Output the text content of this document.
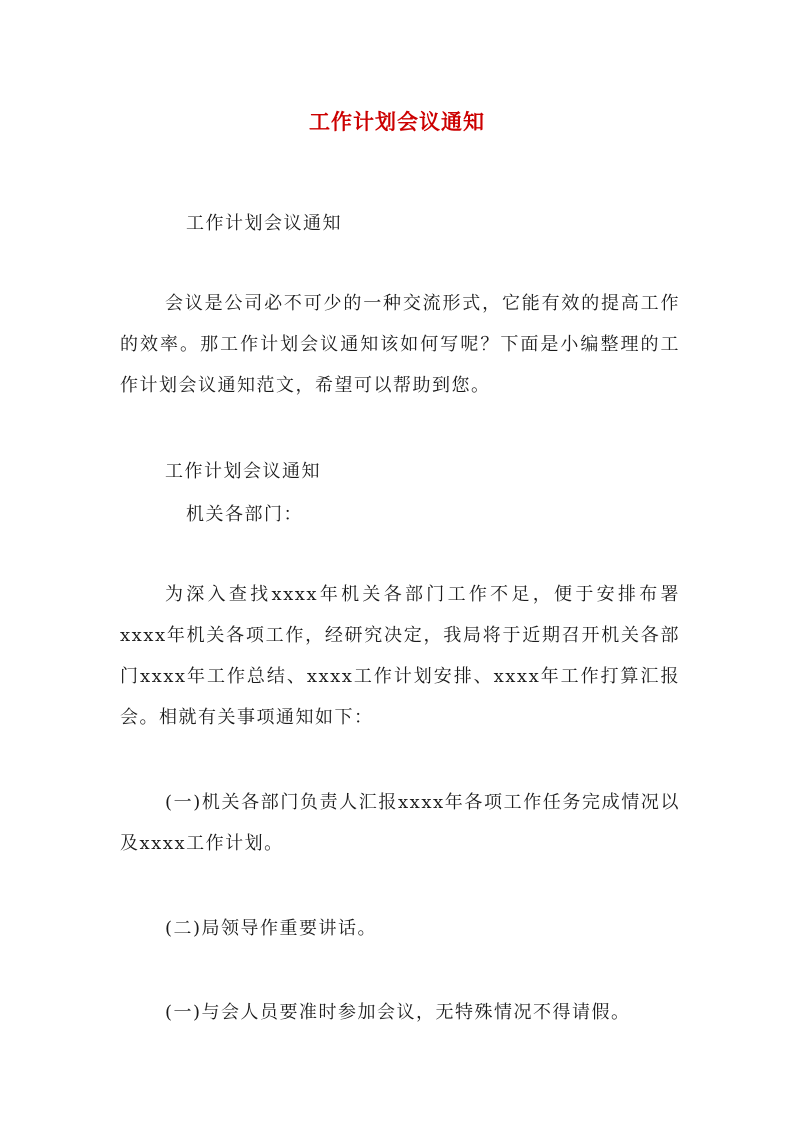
工作计划会议通知

工作计划会议通知

会议是公司必不可少的一种交流形式，它能有效的提高工作的效率。那工作计划会议通知该如何写呢？下面是小编整理的工作计划会议通知范文，希望可以帮助到您。

工作计划会议通知

机关各部门：

为深入查找xxxx年机关各部门工作不足，便于安排布署xxxx年机关各项工作，经研究决定，我局将于近期召开机关各部门xxxx年工作总结、xxxx工作计划安排、xxxx年工作打算汇报会。相就有关事项通知如下：

(一)机关各部门负责人汇报xxxx年各项工作任务完成情况以及xxxx工作计划。

(二)局领导作重要讲话。

(一)与会人员要准时参加会议，无特殊情况不得请假。
